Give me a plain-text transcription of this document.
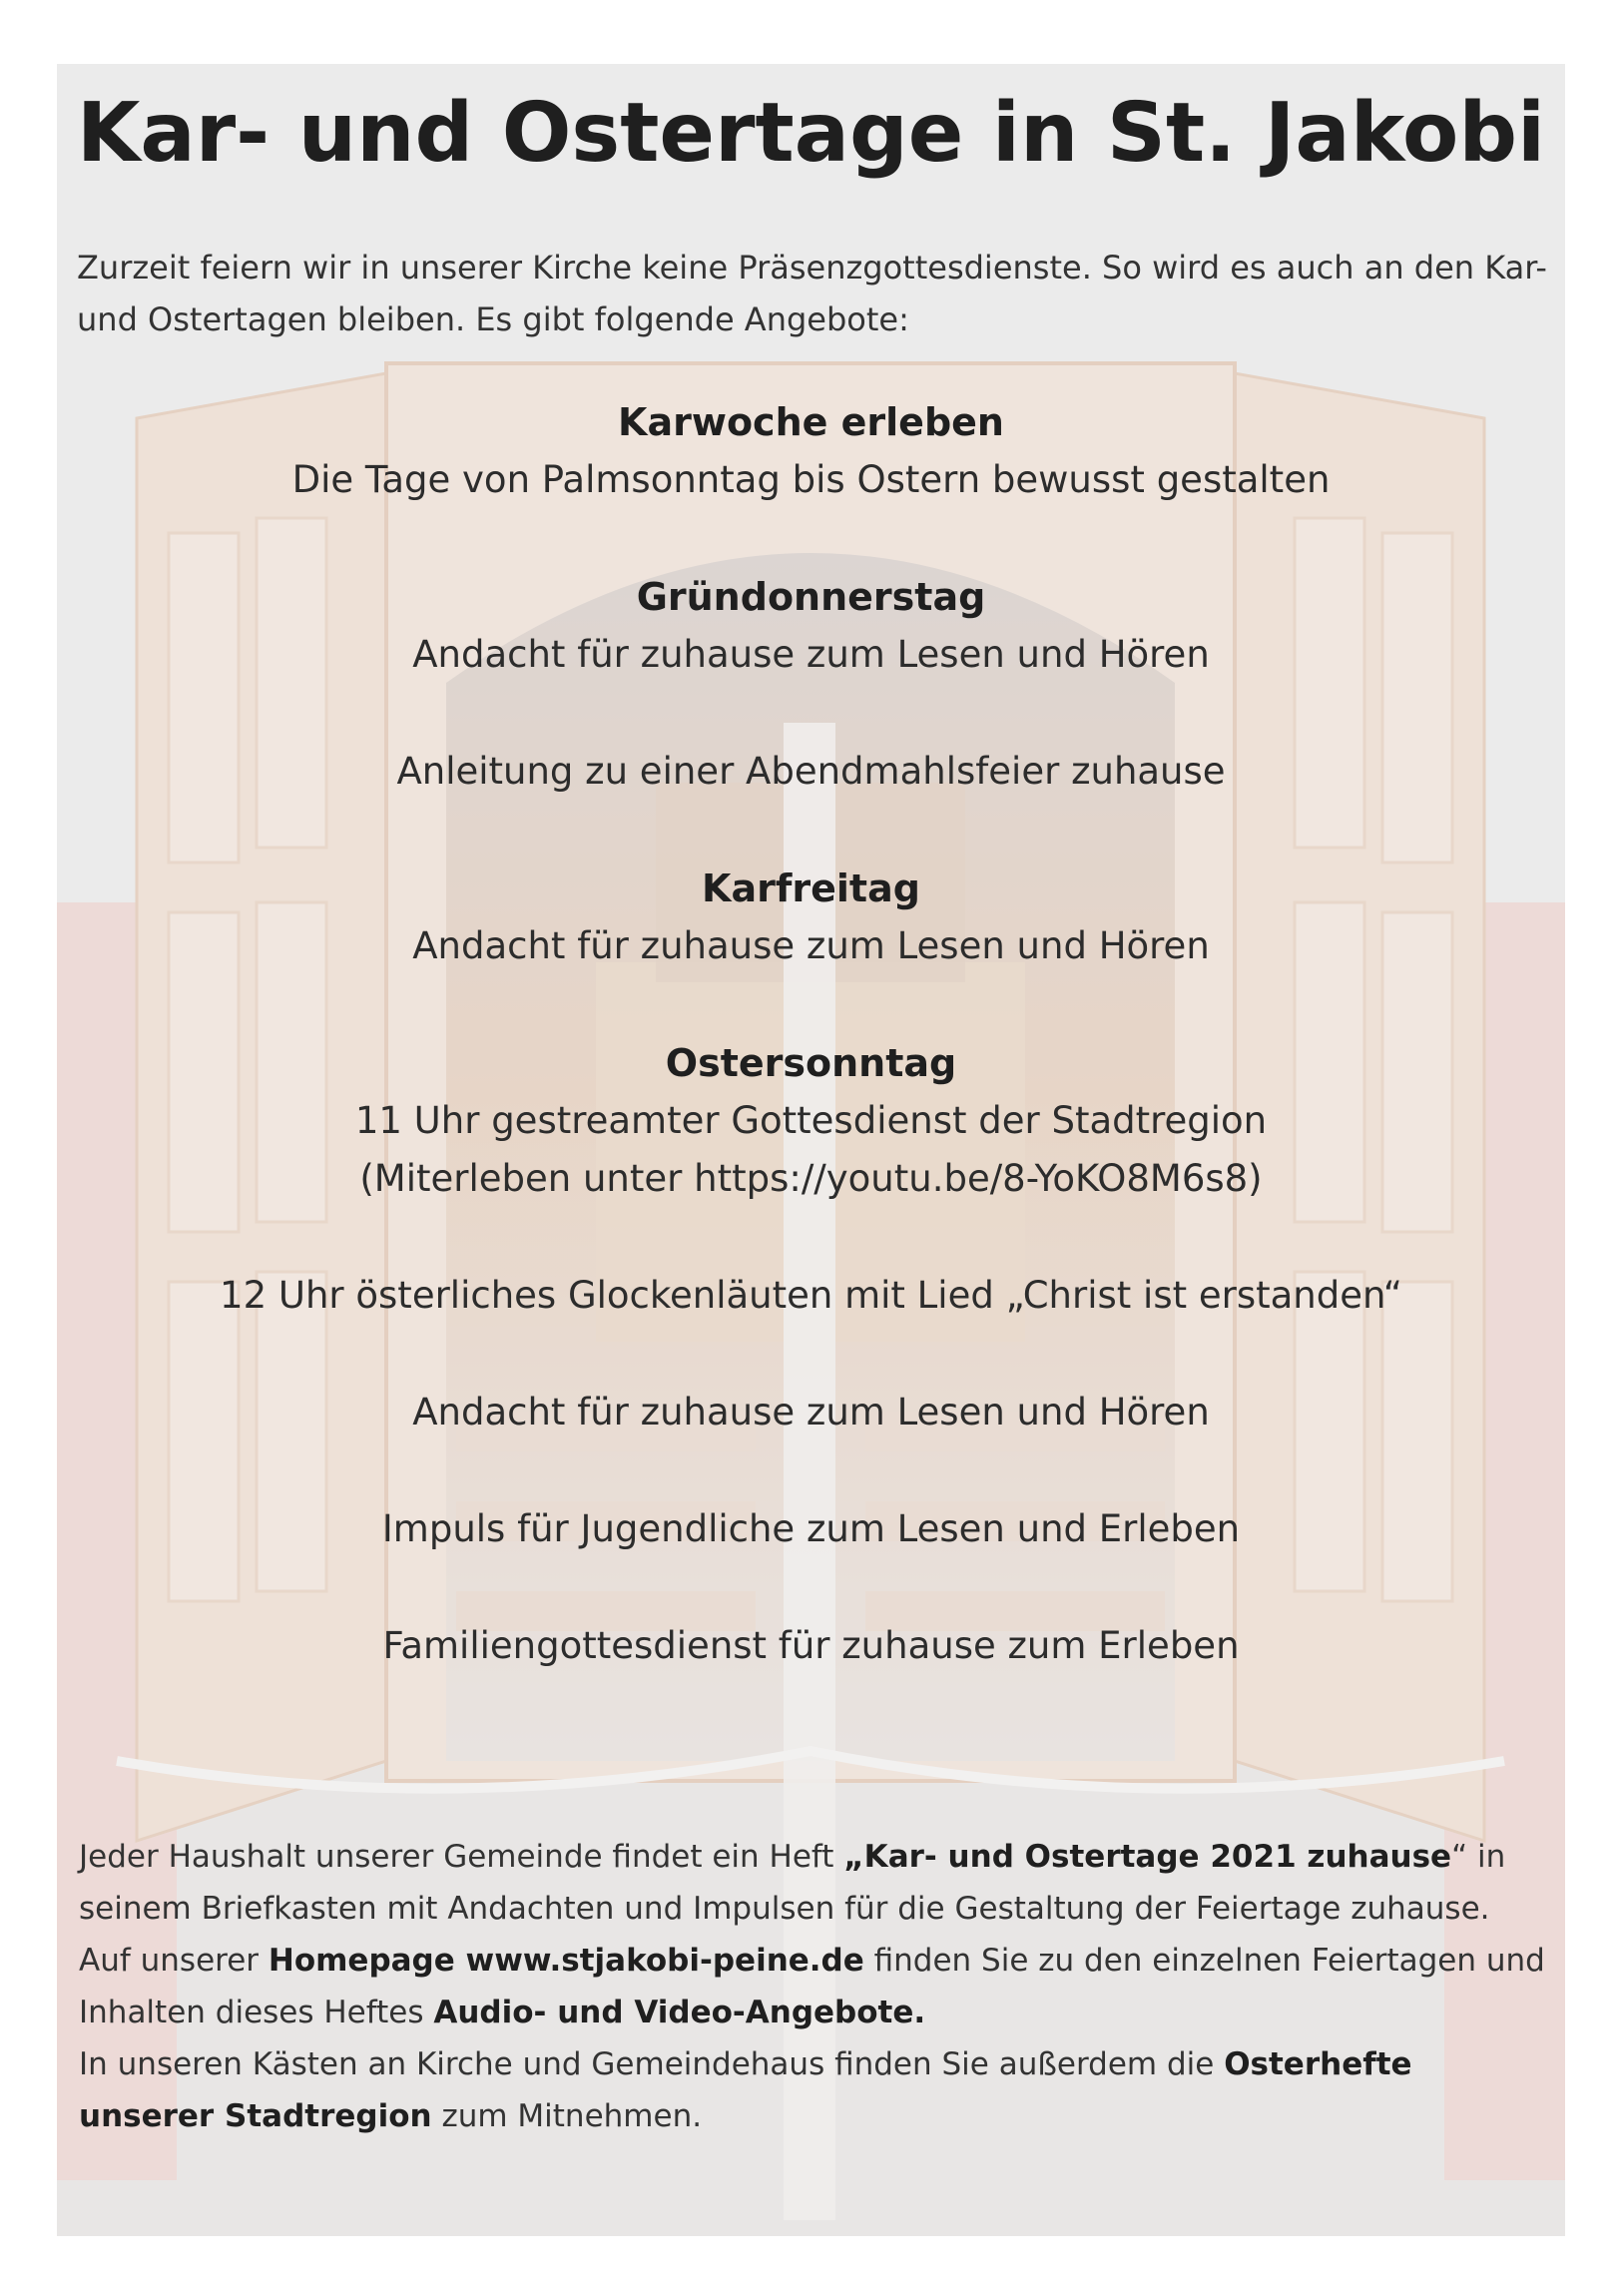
Kar- und Ostertage in St. Jakobi
Zurzeit feiern wir in unserer Kirche keine Präsenzgottesdienste. So wird es auch an den Kar- und Ostertagen bleiben. Es gibt folgende Angebote:
Karwoche erleben
Die Tage von Palmsonntag bis Ostern bewusst gestalten
Gründonnerstag
Andacht für zuhause zum Lesen und Hören
Anleitung zu einer Abendmahlsfeier zuhause
Karfreitag
Andacht für zuhause zum Lesen und Hören
Ostersonntag
11 Uhr gestreamter Gottesdienst der Stadtregion
(Miterleben unter https://youtu.be/8-YoKO8M6s8)
12 Uhr österliches Glockenläuten mit Lied „Christ ist erstanden“
Andacht für zuhause zum Lesen und Hören
Impuls für Jugendliche zum Lesen und Erleben
Familiengottesdienst für zuhause zum Erleben
Jeder Haushalt unserer Gemeinde findet ein Heft „Kar- und Ostertage 2021 zuhause“ in seinem Briefkasten mit Andachten und Impulsen für die Gestaltung der Feiertage zuhause.
Auf unserer Homepage www.stjakobi-peine.de finden Sie zu den einzelnen Feiertagen und Inhalten dieses Heftes Audio- und Video-Angebote.
In unseren Kästen an Kirche und Gemeindehaus finden Sie außerdem die Osterhefte unserer Stadtregion zum Mitnehmen.
